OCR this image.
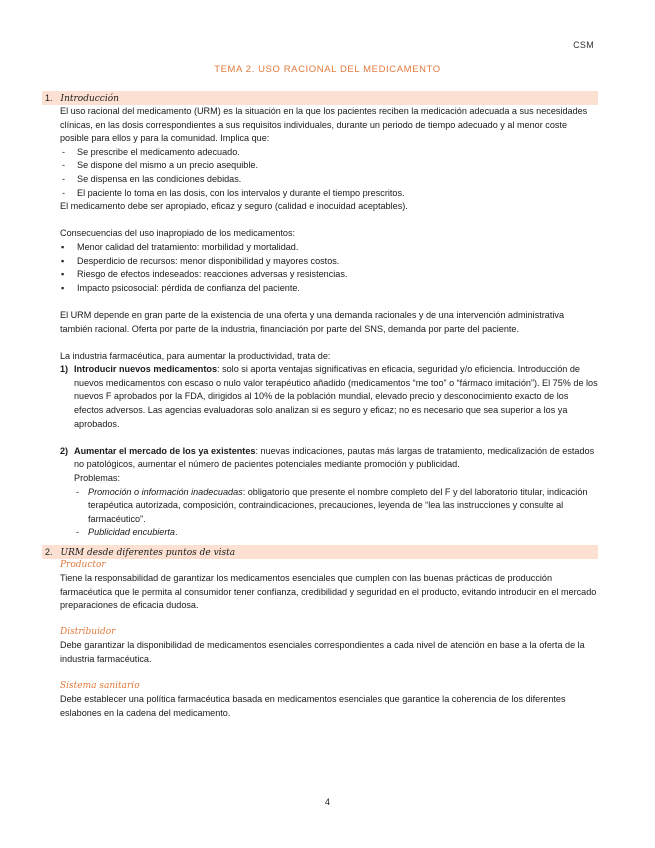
CSM
TEMA 2. USO RACIONAL DEL MEDICAMENTO
1. Introducción

El uso racional del medicamento (URM) es la situación en la que los pacientes reciben la medicación adecuada a sus necesidades clínicas, en las dosis correspondientes a sus requisitos individuales, durante un periodo de tiempo adecuado y al menor coste posible para ellos y para la comunidad. Implica que:

- Se prescribe el medicamento adecuado.
- Se dispone del mismo a un precio asequible.
- Se dispensa en las condiciones debidas.
- El paciente lo toma en las dosis, con los intervalos y durante el tiempo prescritos.

El medicamento debe ser apropiado, eficaz y seguro (calidad e inocuidad aceptables).

Consecuencias del uso inapropiado de los medicamentos:

▪ Menor calidad del tratamiento: morbilidad y mortalidad.
▪ Desperdicio de recursos: menor disponibilidad y mayores costos.
▪ Riesgo de efectos indeseados: reacciones adversas y resistencias.
▪ Impacto psicosocial: pérdida de confianza del paciente.

El URM depende en gran parte de la existencia de una oferta y una demanda racionales y de una intervención administrativa también racional. Oferta por parte de la industria, financiación por parte del SNS, demanda por parte del paciente.

La industria farmacéutica, para aumentar la productividad, trata de:

1) Introducir nuevos medicamentos: solo si aporta ventajas significativas en eficacia, seguridad y/o eficiencia. Introducción de nuevos medicamentos con escaso o nulo valor terapéutico añadido (medicamentos “me too” o “fármaco imitación”). El 75% de los nuevos F aprobados por la FDA, dirigidos al 10% de la población mundial, elevado precio y desconocimiento exacto de los efectos adversos. Las agencias evaluadoras solo analizan si es seguro y eficaz; no es necesario que sea superior a los ya aprobados.
2) Aumentar el mercado de los ya existentes: nuevas indicaciones, pautas más largas de tratamiento, medicalización de estados no patológicos, aumentar el número de pacientes potenciales mediante promoción y publicidad.
Problemas:
- Promoción o información inadecuadas: obligatorio que presente el nombre completo del F y del laboratorio titular, indicación terapéutica autorizada, composición, contraindicaciones, precauciones, leyenda de “lea las instrucciones y consulte al farmacéutico”.
- Publicidad encubierta.
2. URM desde diferentes puntos de vista
Productor

Tiene la responsabilidad de garantizar los medicamentos esenciales que cumplen con las buenas prácticas de producción farmacéutica que le permita al consumidor tener confianza, credibilidad y seguridad en el producto, evitando introducir en el mercado preparaciones de eficacia dudosa.

Distribuidor

Debe garantizar la disponibilidad de medicamentos esenciales correspondientes a cada nivel de atención en base a la oferta de la industria farmacéutica.

Sistema sanitario

Debe establecer una política farmacéutica basada en medicamentos esenciales que garantice la coherencia de los diferentes eslabones en la cadena del medicamento.

4
